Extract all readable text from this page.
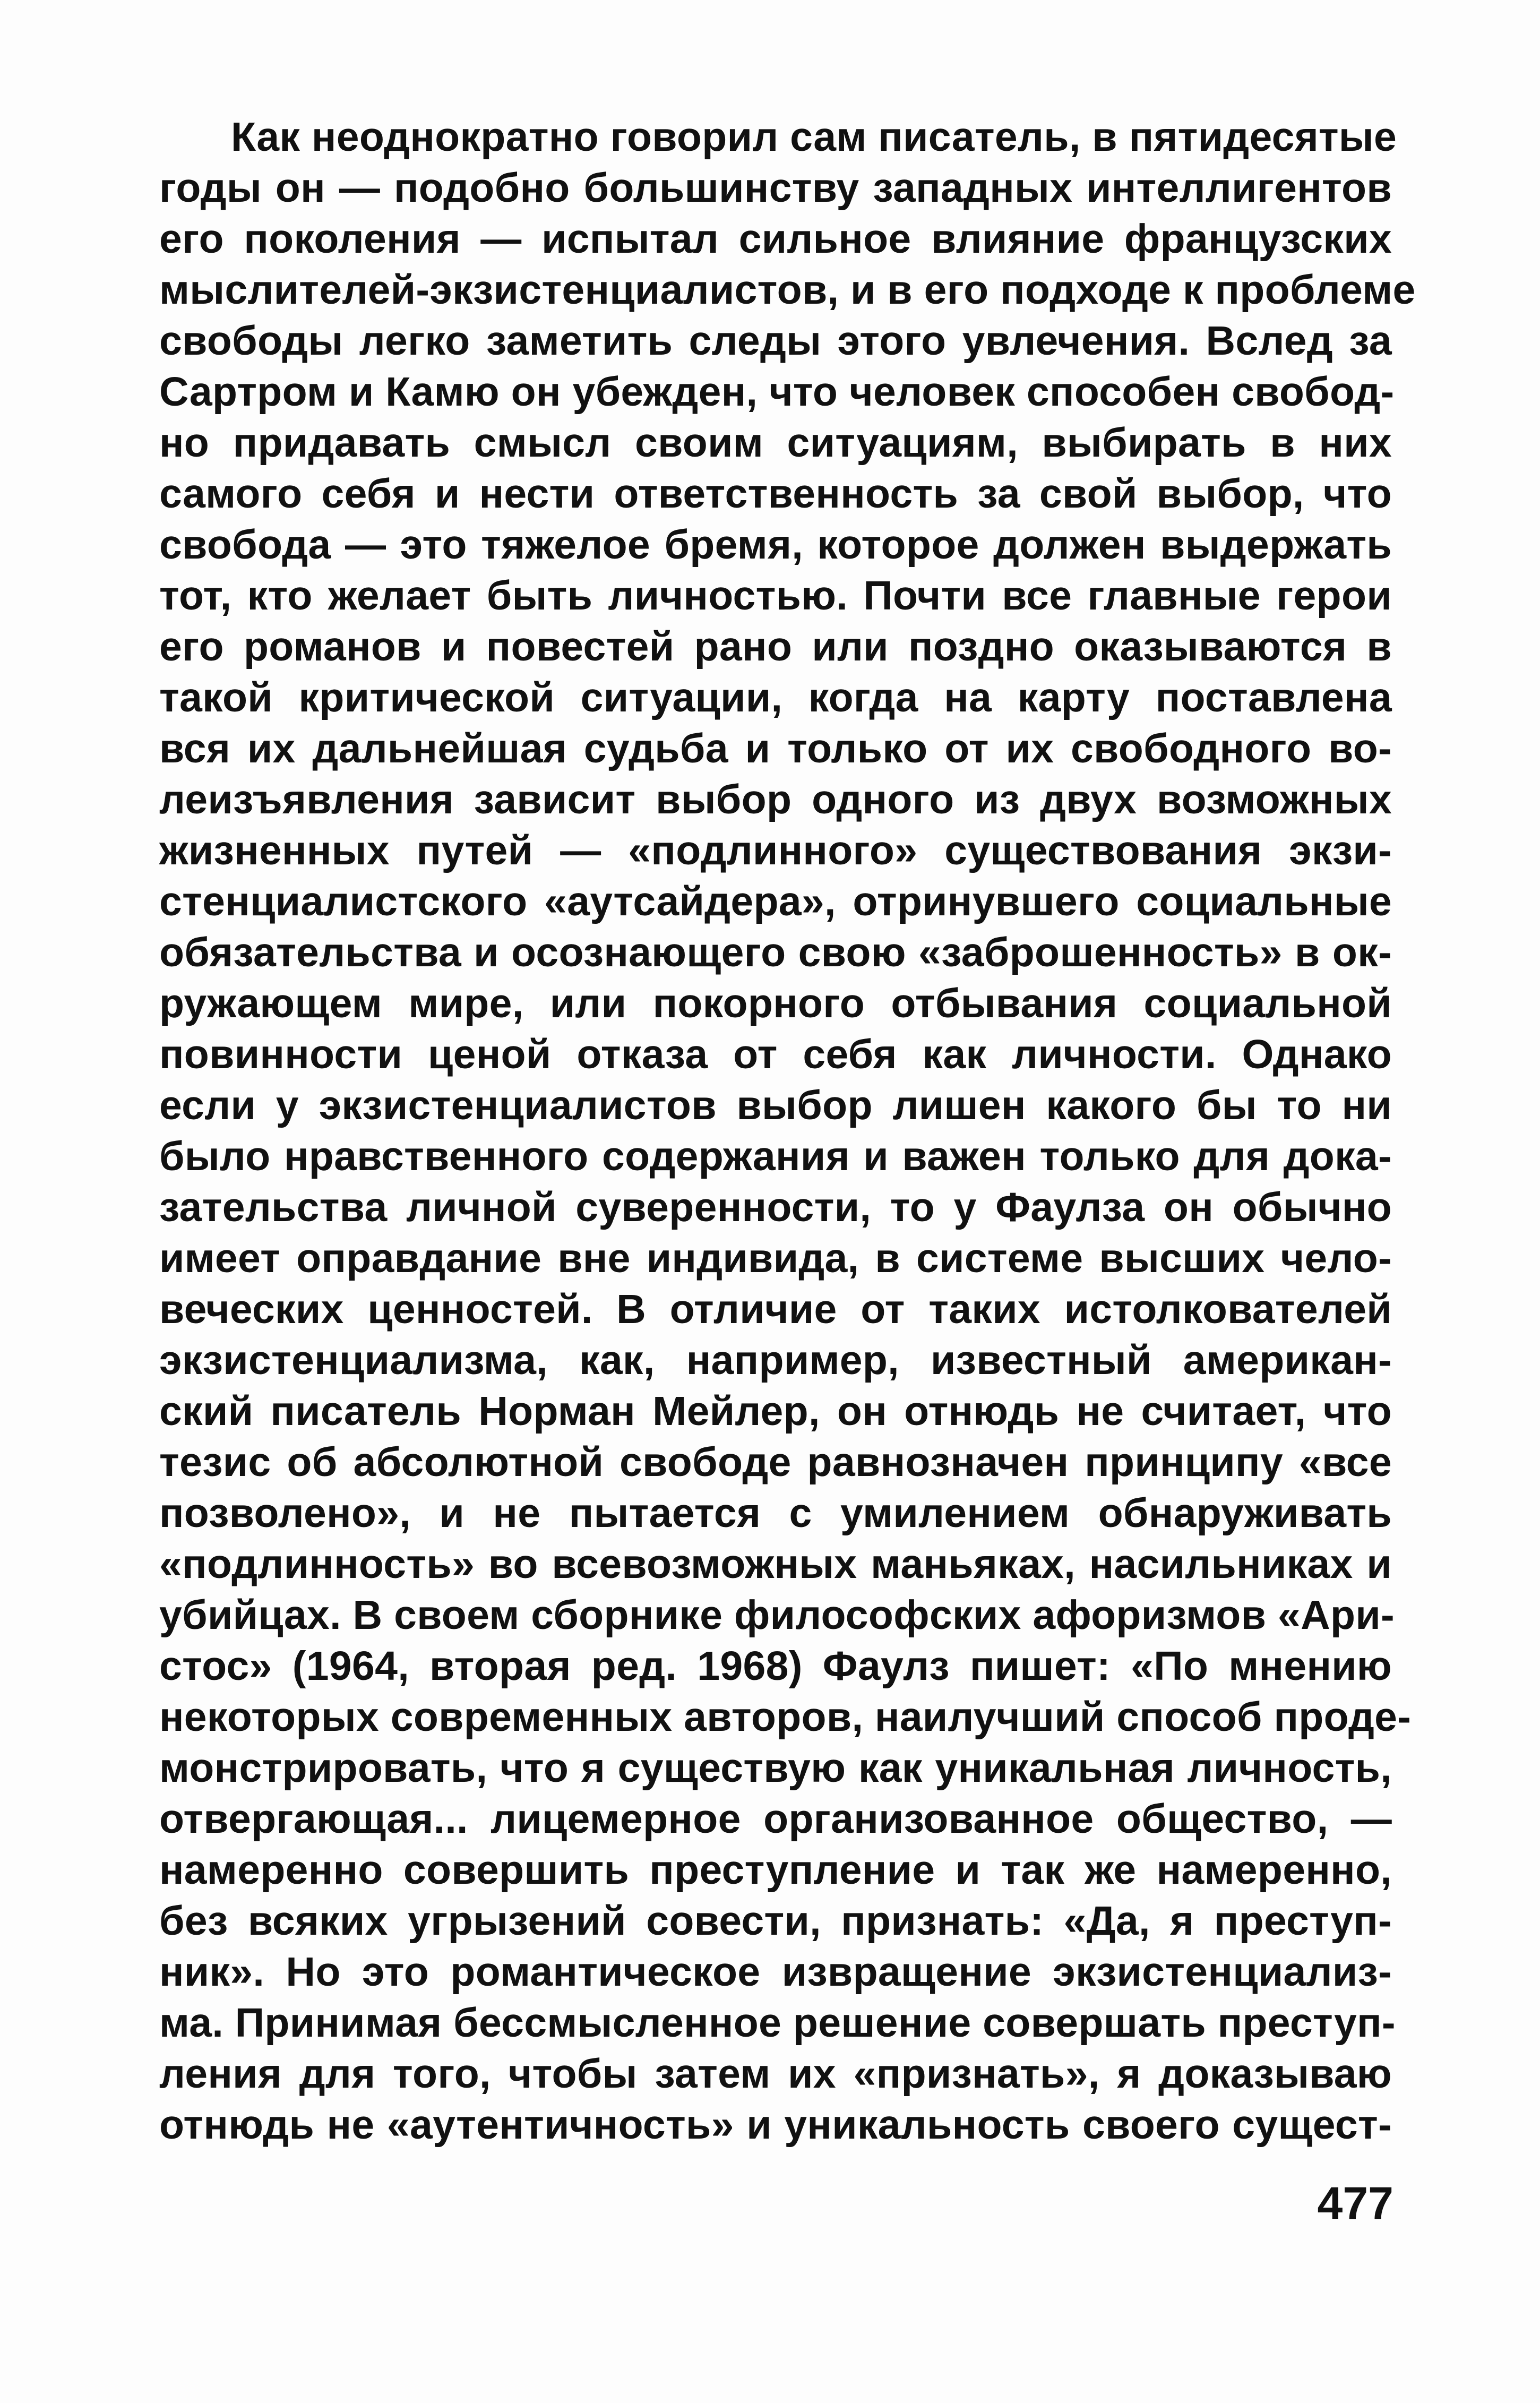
Как неоднократно говорил сам писатель, в пятидесятые
годы он — подобно большинству западных интеллигентов
его поколения — испытал сильное влияние французских
мыслителей-экзистенциалистов, и в его подходе к проблеме
свободы легко заметить следы этого увлечения. Вслед за
Сартром и Камю он убежден, что человек способен свобод-
но придавать смысл своим ситуациям, выбирать в них
самого себя и нести ответственность за свой выбор, что
свобода — это тяжелое бремя, которое должен выдержать
тот, кто желает быть личностью. Почти все главные герои
его романов и повестей рано или поздно оказываются в
такой критической ситуации, когда на карту поставлена
вся их дальнейшая судьба и только от их свободного во-
леизъявления зависит выбор одного из двух возможных
жизненных путей — «подлинного» существования экзи-
стенциалистского «аутсайдера», отринувшего социальные
обязательства и осознающего свою «заброшенность» в ок-
ружающем мире, или покорного отбывания социальной
повинности ценой отказа от себя как личности. Однако
если у экзистенциалистов выбор лишен какого бы то ни
было нравственного содержания и важен только для дока-
зательства личной суверенности, то у Фаулза он обычно
имеет оправдание вне индивида, в системе высших чело-
веческих ценностей. В отличие от таких истолкователей
экзистенциализма, как, например, известный американ-
ский писатель Норман Мейлер, он отнюдь не считает, что
тезис об абсолютной свободе равнозначен принципу «все
позволено», и не пытается с умилением обнаруживать
«подлинность» во всевозможных маньяках, насильниках и
убийцах. В своем сборнике философских афоризмов «Ари-
стос» (1964, вторая ред. 1968) Фаулз пишет: «По мнению
некоторых современных авторов, наилучший способ проде-
монстрировать, что я существую как уникальная личность,
отвергающая... лицемерное организованное общество, —
намеренно совершить преступление и так же намеренно,
без всяких угрызений совести, признать: «Да, я преступ-
ник». Но это романтическое извращение экзистенциализ-
ма. Принимая бессмысленное решение совершать преступ-
ления для того, чтобы затем их «признать», я доказываю
отнюдь не «аутентичность» и уникальность своего сущест-
477
